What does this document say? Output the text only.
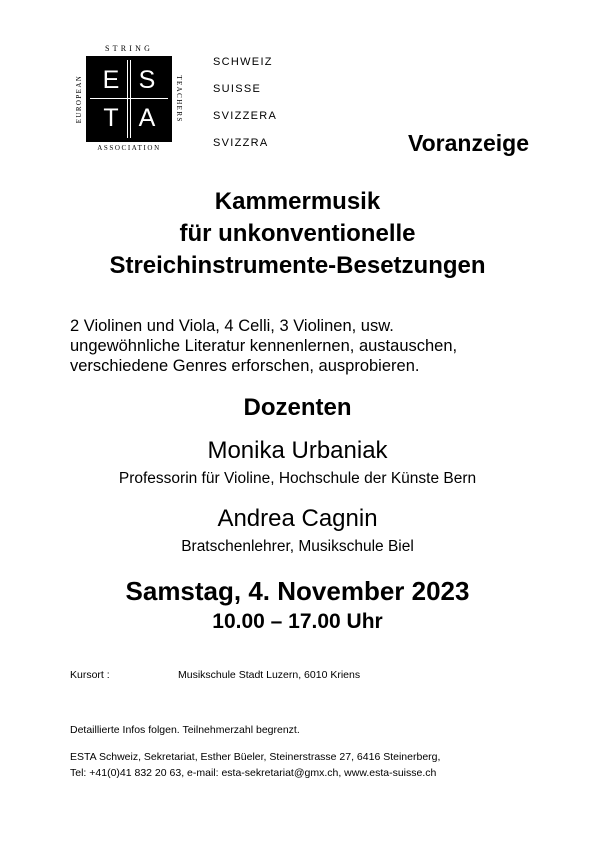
STRING
EUROPEAN	TEACHERS
E S
T A
ASSOCIATION
SCHWEIZ
SUISSE
SVIZZERA
SVIZZRA	Voranzeige
Kammermusik
für unkonventionelle
Streichinstrumente-Besetzungen
2 Violinen und Viola, 4 Celli, 3 Violinen, usw.
ungewöhnliche Literatur kennenlernen, austauschen,
verschiedene Genres erforschen, ausprobieren.
Dozenten
Monika Urbaniak
Professorin für Violine, Hochschule der Künste Bern
Andrea Cagnin
Bratschenlehrer, Musikschule Biel
Samstag, 4. November 2023
10.00 – 17.00 Uhr
Kursort :	Musikschule Stadt Luzern, 6010 Kriens
Detaillierte Infos folgen. Teilnehmerzahl begrenzt.
ESTA Schweiz, Sekretariat, Esther Büeler, Steinerstrasse 27, 6416 Steinerberg,
Tel: +41(0)41 832 20 63, e-mail: esta-sekretariat@gmx.ch, www.esta-suisse.ch
